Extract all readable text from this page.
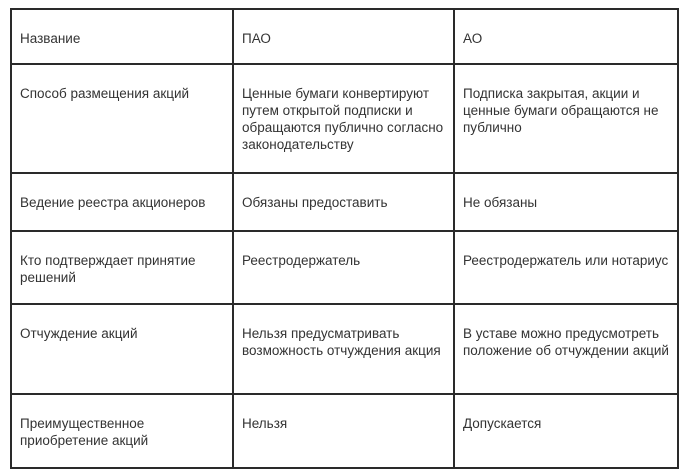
Название	ПАО	АО
Способ размещения акций	Ценные бумаги конвертируют путем открытой подписки и обращаются публично согласно законодательству	Подписка закрытая, акции и ценные бумаги обращаются не публично
Ведение реестра акционеров	Обязаны предоставить	Не обязаны
Кто подтверждает принятие решений	Реестродержатель	Реестродержатель или нотариус
Отчуждение акций	Нельзя предусматривать возможность отчуждения акция	В уставе можно предусмотреть положение об отчуждении акций
Преимущественное приобретение акций	Нельзя	Допускается
